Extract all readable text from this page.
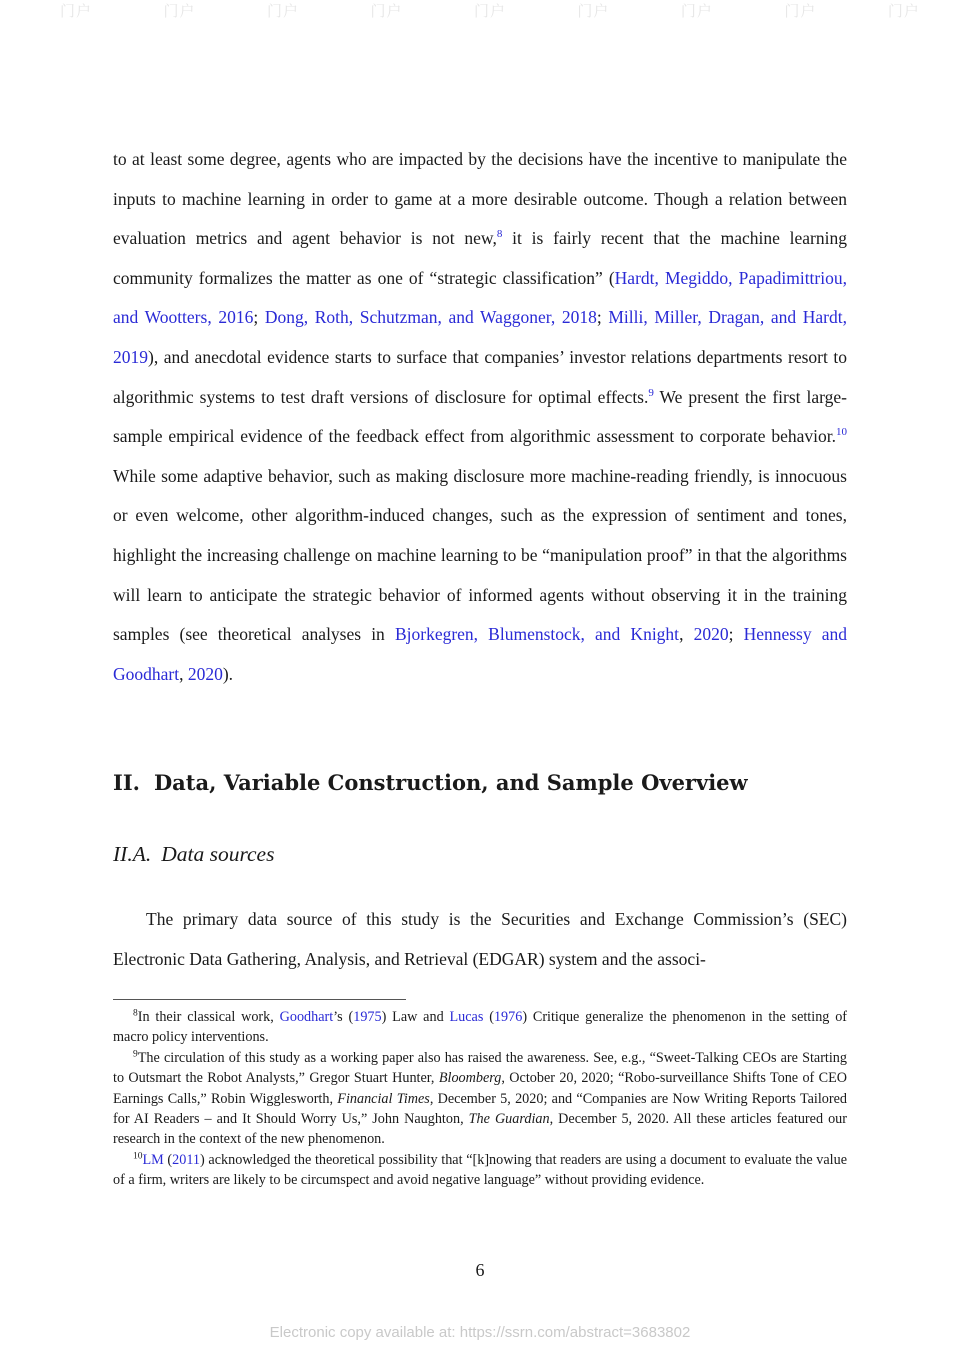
门户	门户	门户	门户	门户	门户	门户	门户	门户

to at least some degree, agents who are impacted by the decisions have the incentive to manipulate the inputs to machine learning in order to game at a more desirable outcome. Though a relation between evaluation metrics and agent behavior is not new,$^8$ it is fairly recent that the machine learning community formalizes the matter as one of “strategic classification” (Hardt, Megiddo, Papadimittriou, and Wootters, 2016; Dong, Roth, Schutzman, and Waggoner, 2018; Milli, Miller, Dragan, and Hardt, 2019), and anecdotal evidence starts to surface that companies’ investor relations departments resort to algorithmic systems to test draft versions of disclosure for optimal effects.$^9$ We present the first large-sample empirical evidence of the feedback effect from algorithmic assessment to corporate behavior.$^{10}$ While some adaptive behavior, such as making disclosure more machine-reading friendly, is innocuous or even welcome, other algorithm-induced changes, such as the expression of sentiment and tones, highlight the increasing challenge on machine learning to be “manipulation proof” in that the algorithms will learn to anticipate the strategic behavior of informed agents without observing it in the training samples (see theoretical analyses in Bjorkegren, Blumenstock, and Knight, 2020; Hennessy and Goodhart, 2020).

II. Data, Variable Construction, and Sample Overview
II.A. Data sources

The primary data source of this study is the Securities and Exchange Commission’s (SEC) Electronic Data Gathering, Analysis, and Retrieval (EDGAR) system and the associ-

$^8$In their classical work, Goodhart’s (1975) Law and Lucas (1976) Critique generalize the phenomenon in the setting of macro policy interventions.

$^9$The circulation of this study as a working paper also has raised the awareness. See, e.g., “Sweet-Talking CEOs are Starting to Outsmart the Robot Analysts,” Gregor Stuart Hunter, Bloomberg, October 20, 2020; “Robo-surveillance Shifts Tone of CEO Earnings Calls,” Robin Wigglesworth, Financial Times, December 5, 2020; and “Companies are Now Writing Reports Tailored for AI Readers – and It Should Worry Us,” John Naughton, The Guardian, December 5, 2020. All these articles featured our research in the context of the new phenomenon.

$^{10}$LM (2011) acknowledged the theoretical possibility that “[k]nowing that readers are using a document to evaluate the value of a firm, writers are likely to be circumspect and avoid negative language” without providing evidence.

6
Electronic copy available at: https://ssrn.com/abstract=3683802
